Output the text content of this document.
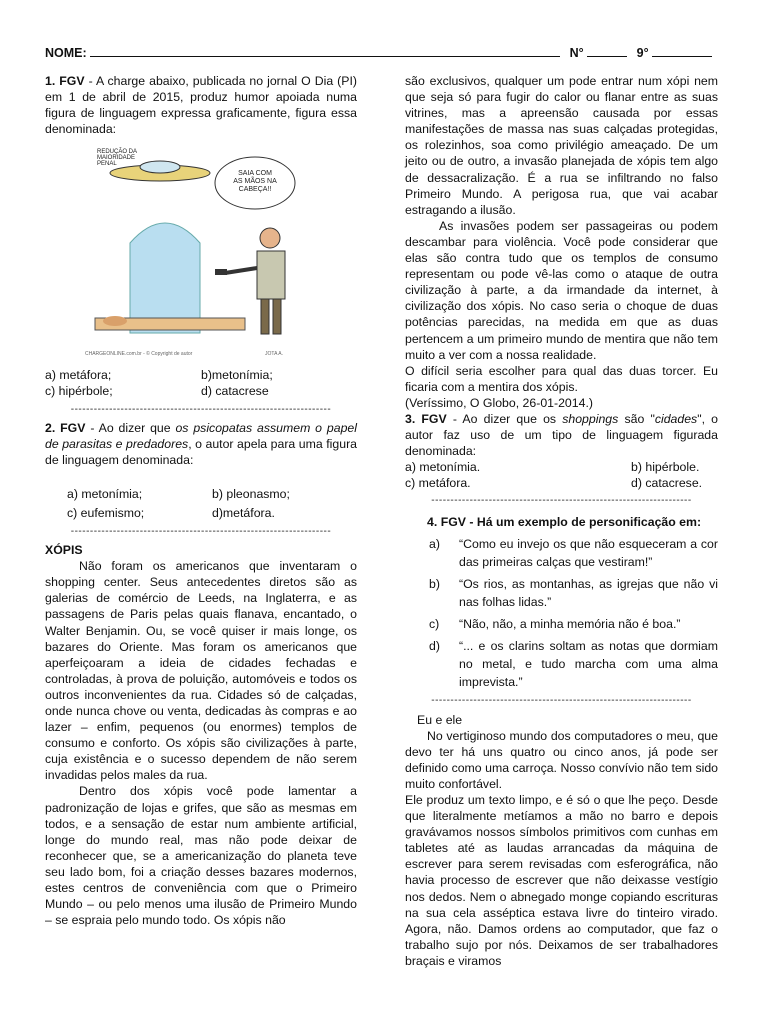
NOME:	N°	9°

1. FGV - A charge abaixo, publicada no jornal O Dia (PI) em 1 de abril de 2015, produz humor apoiada numa figura de linguagem expressa graficamente, figura essa denominada:

REDUÇÃO DA MAIORIDADE PENAL
SAIA COM AS MÃOS NA CABEÇA!!
CHARGEONLINE.com.br - © Copyright de autor	JOTA A.
a) metáfora;	b)metonímia;
c) hipérbole;	d) catacrese
--------------------------------------------------------------------

2. FGV - Ao dizer que os psicopatas assumem o papel de parasitas e predadores, o autor apela para uma figura de linguagem denominada:

a) metonímia;	b) pleonasmo;
c) eufemismo;	d)metáfora.
--------------------------------------------------------------------

XÓPIS

Não foram os americanos que inventaram o shopping center. Seus antecedentes diretos são as galerias de comércio de Leeds, na Inglaterra, e as passagens de Paris pelas quais flanava, encantado, o Walter Benjamin. Ou, se você quiser ir mais longe, os bazares do Oriente. Mas foram os americanos que aperfeiçoaram a ideia de cidades fechadas e controladas, à prova de poluição, automóveis e todos os outros inconvenientes da rua. Cidades só de calçadas, onde nunca chove ou venta, dedicadas às compras e ao lazer – enfim, pequenos (ou enormes) templos de consumo e conforto. Os xópis são civilizações à parte, cuja existência e o sucesso dependem de não serem invadidas pelos males da rua.

Dentro dos xópis você pode lamentar a padronização de lojas e grifes, que são as mesmas em todos, e a sensação de estar num ambiente artificial, longe do mundo real, mas não pode deixar de reconhecer que, se a americanização do planeta teve seu lado bom, foi a criação desses bazares modernos, estes centros de conveniência com que o Primeiro Mundo – ou pelo menos uma ilusão de Primeiro Mundo – se espraia pelo mundo todo. Os xópis não

são exclusivos, qualquer um pode entrar num xópi nem que seja só para fugir do calor ou flanar entre as suas vitrines, mas a apreensão causada por essas manifestações de massa nas suas calçadas protegidas, os rolezinhos, soa como privilégio ameaçado. De um jeito ou de outro, a invasão planejada de xópis tem algo de dessacralização. É a rua se infiltrando no falso Primeiro Mundo. A perigosa rua, que vai acabar estragando a ilusão.

As invasões podem ser passageiras ou podem descambar para violência. Você pode considerar que elas são contra tudo que os templos de consumo representam ou pode vê-las como o ataque de outra civilização à parte, a da irmandade da internet, à civilização dos xópis. No caso seria o choque de duas potências parecidas, na medida em que as duas pertencem a um primeiro mundo de mentira que não tem muito a ver com a nossa realidade.

O difícil seria escolher para qual das duas torcer. Eu ficaria com a mentira dos xópis.

(Veríssimo, O Globo, 26-01-2014.)

3. FGV - Ao dizer que os shoppings são "cidades", o autor faz uso de um tipo de linguagem figurada denominada:

a) metonímia.	b) hipérbole.
c) metáfora.	d) catacrese.
--------------------------------------------------------------------

4. FGV - Há um exemplo de personificação em:

a)	“Como eu invejo os que não esqueceram a cor das primeiras calças que vestiram!”
b)	“Os rios, as montanhas, as igrejas que não vi nas folhas lidas.”
c)	“Não, não, a minha memória não é boa.”
d)	“... e os clarins soltam as notas que dormiam no metal, e tudo marcha com uma alma imprevista.”
--------------------------------------------------------------------

Eu e ele

No vertiginoso mundo dos computadores o meu, que devo ter há uns quatro ou cinco anos, já pode ser definido como uma carroça. Nosso convívio não tem sido muito confortável.

Ele produz um texto limpo, e é só o que lhe peço. Desde que literalmente metíamos a mão no barro e depois gravávamos nossos símbolos primitivos com cunhas em tabletes até as laudas arrancadas da máquina de escrever para serem revisadas com esferográfica, não havia processo de escrever que não deixasse vestígio nos dedos. Nem o abnegado monge copiando escrituras na sua cela asséptica estava livre do tinteiro virado. Agora, não. Damos ordens ao computador, que faz o trabalho sujo por nós. Deixamos de ser trabalhadores braçais e viramos
